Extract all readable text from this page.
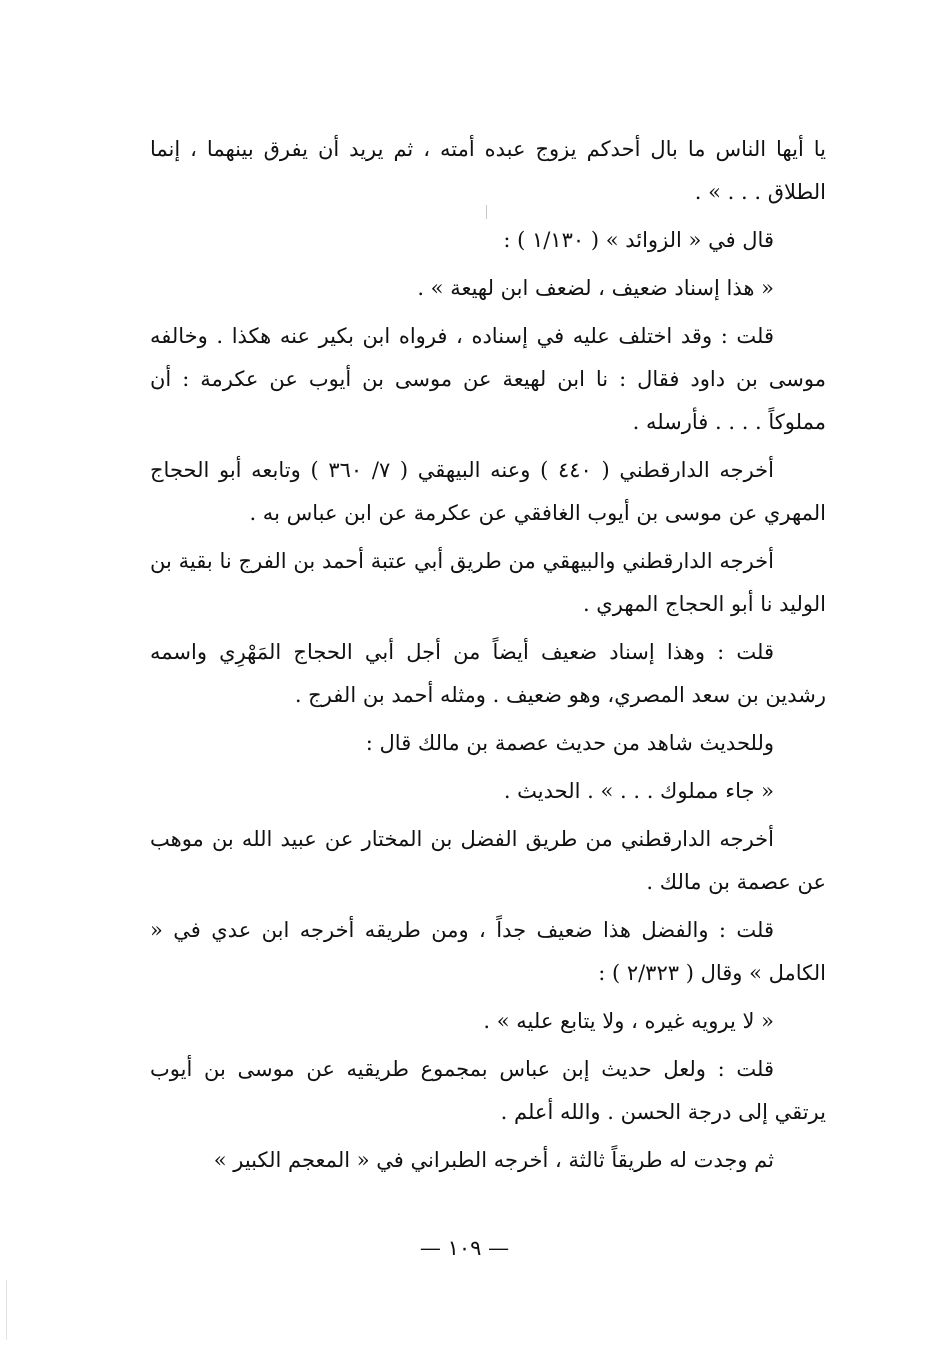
يا أيها الناس ما بال أحدكم يزوج عبده أمته ، ثم يريد أن يفرق بينهما ، إنما الطلاق . . . » .

قال في « الزوائد » ( ١/١٣٠ ) :

« هذا إسناد ضعيف ، لضعف ابن لهيعة » .

قلت : وقد اختلف عليه في إسناده ، فرواه ابن بكير عنه هكذا . وخالفه موسى بن داود فقال : نا ابن لهيعة عن موسى بن أيوب عن عكرمة : أن مملوكاً . . . . فأرسله .

أخرجه الدارقطني ( ٤٤٠ ) وعنه البيهقي ( ٧/ ٣٦٠ ) وتابعه أبو الحجاج المهري عن موسى بن أيوب الغافقي عن عكرمة عن ابن عباس به .

أخرجه الدارقطني والبيهقي من طريق أبي عتبة أحمد بن الفرج نا بقية بن الوليد نا أبو الحجاج المهري .

قلت : وهذا إسناد ضعيف أيضاً من أجل أبي الحجاج المَهْرِي واسمه رشدين بن سعد المصري، وهو ضعيف . ومثله أحمد بن الفرج .

وللحديث شاهد من حديث عصمة بن مالك قال :

« جاء مملوك . . . » . الحديث .

أخرجه الدارقطني من طريق الفضل بن المختار عن عبيد الله بن موهب عن عصمة بن مالك .

قلت : والفضل هذا ضعيف جداً ، ومن طريقه أخرجه ابن عدي في « الكامل » وقال ( ٢/٣٢٣ ) :

« لا يرويه غيره ، ولا يتابع عليه » .

قلت : ولعل حديث إبن عباس بمجموع طريقيه عن موسى بن أيوب يرتقي إلى درجة الحسن . والله أعلم .

ثم وجدت له طريقاً ثالثة ، أخرجه الطبراني في « المعجم الكبير »

— ١٠٩ —
